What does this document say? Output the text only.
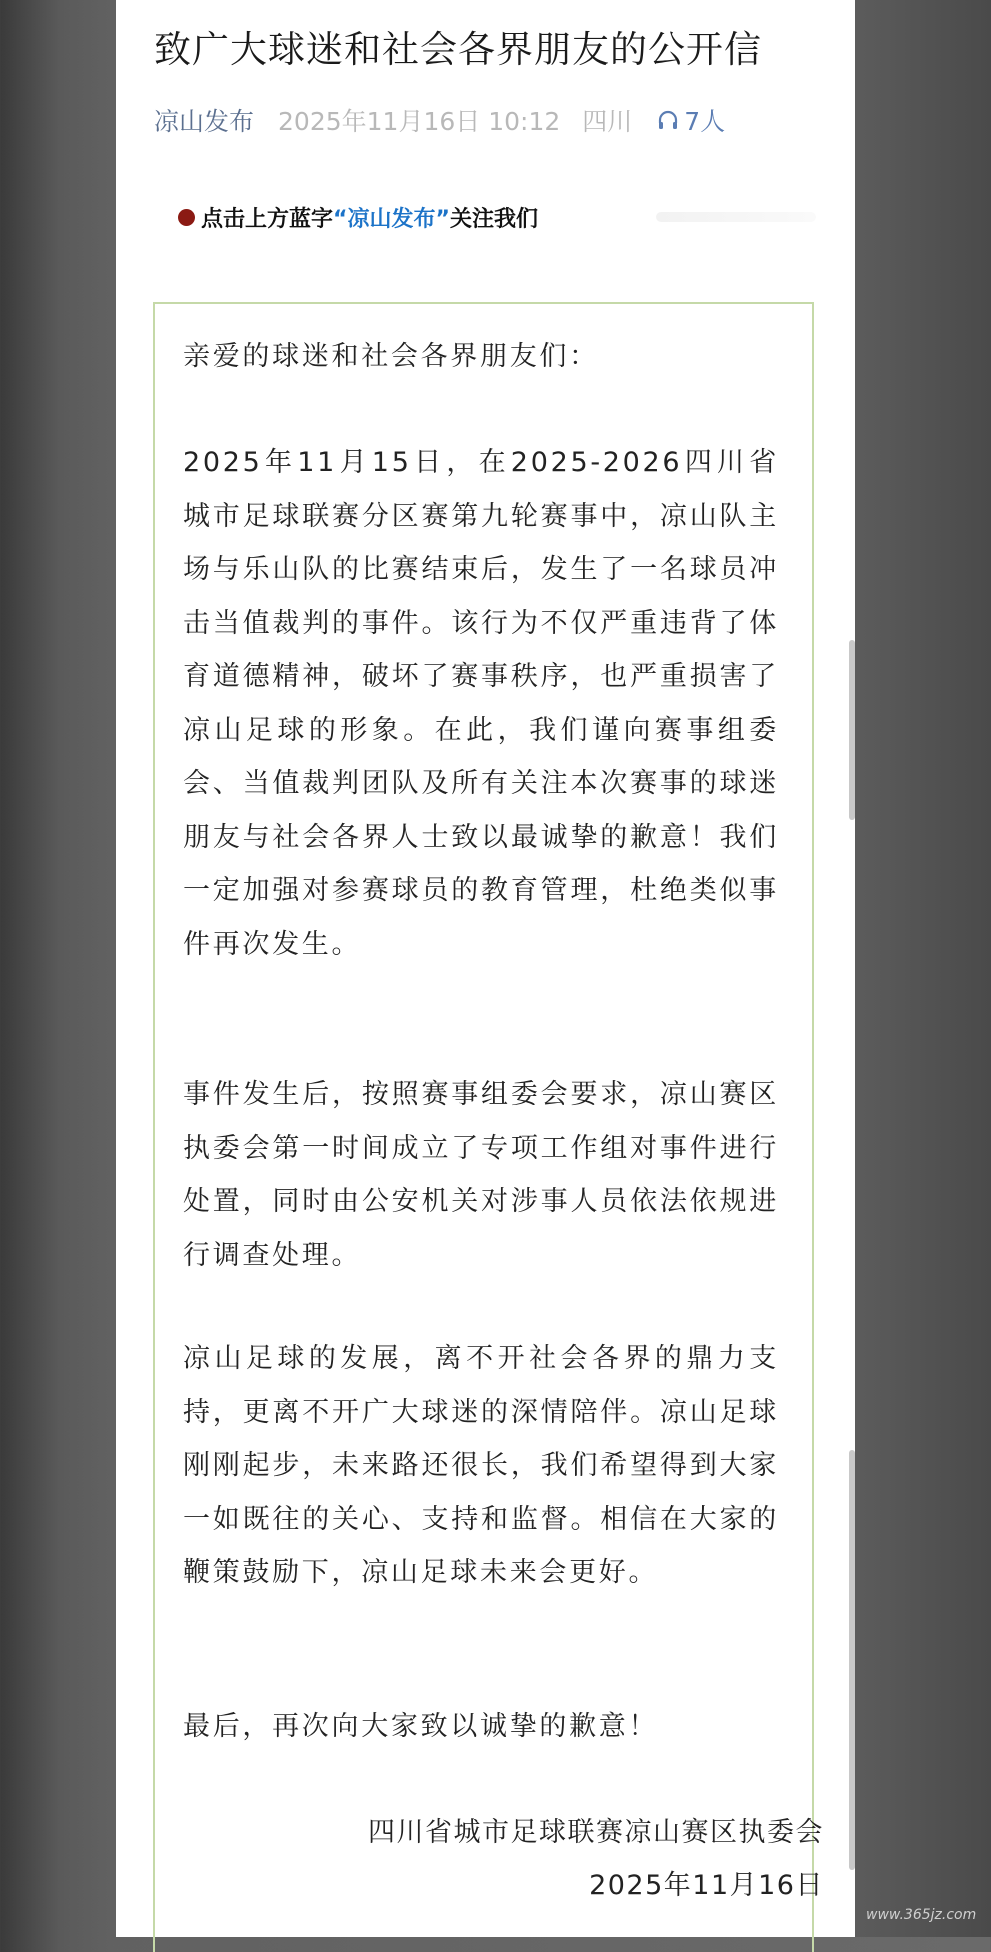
致广大球迷和社会各界朋友的公开信
凉山发布 2025年11月16日 10:12 四川 7人
点击上方蓝字 “凉山发布” 关注我们
亲爱的球迷和社会各界朋友们：
2025年11月15日，在2025-2026四川省城市足球联赛分区赛第九轮赛事中，凉山队主场与乐山队的比赛结束后，发生了一名球员冲击当值裁判的事件。该行为不仅严重违背了体育道德精神，破坏了赛事秩序，也严重损害了凉山足球的形象。在此，我们谨向赛事组委会、当值裁判团队及所有关注本次赛事的球迷朋友与社会各界人士致以最诚挚的歉意！我们一定加强对参赛球员的教育管理，杜绝类似事件再次发生。
事件发生后，按照赛事组委会要求，凉山赛区执委会第一时间成立了专项工作组对事件进行处置，同时由公安机关对涉事人员依法依规进行调查处理。
凉山足球的发展，离不开社会各界的鼎力支持，更离不开广大球迷的深情陪伴。凉山足球刚刚起步，未来路还很长，我们希望得到大家一如既往的关心、支持和监督。相信在大家的鞭策鼓励下，凉山足球未来会更好。
最后，再次向大家致以诚挚的歉意！
四川省城市足球联赛凉山赛区执委会
2025年11月16日
www.365jz.com
